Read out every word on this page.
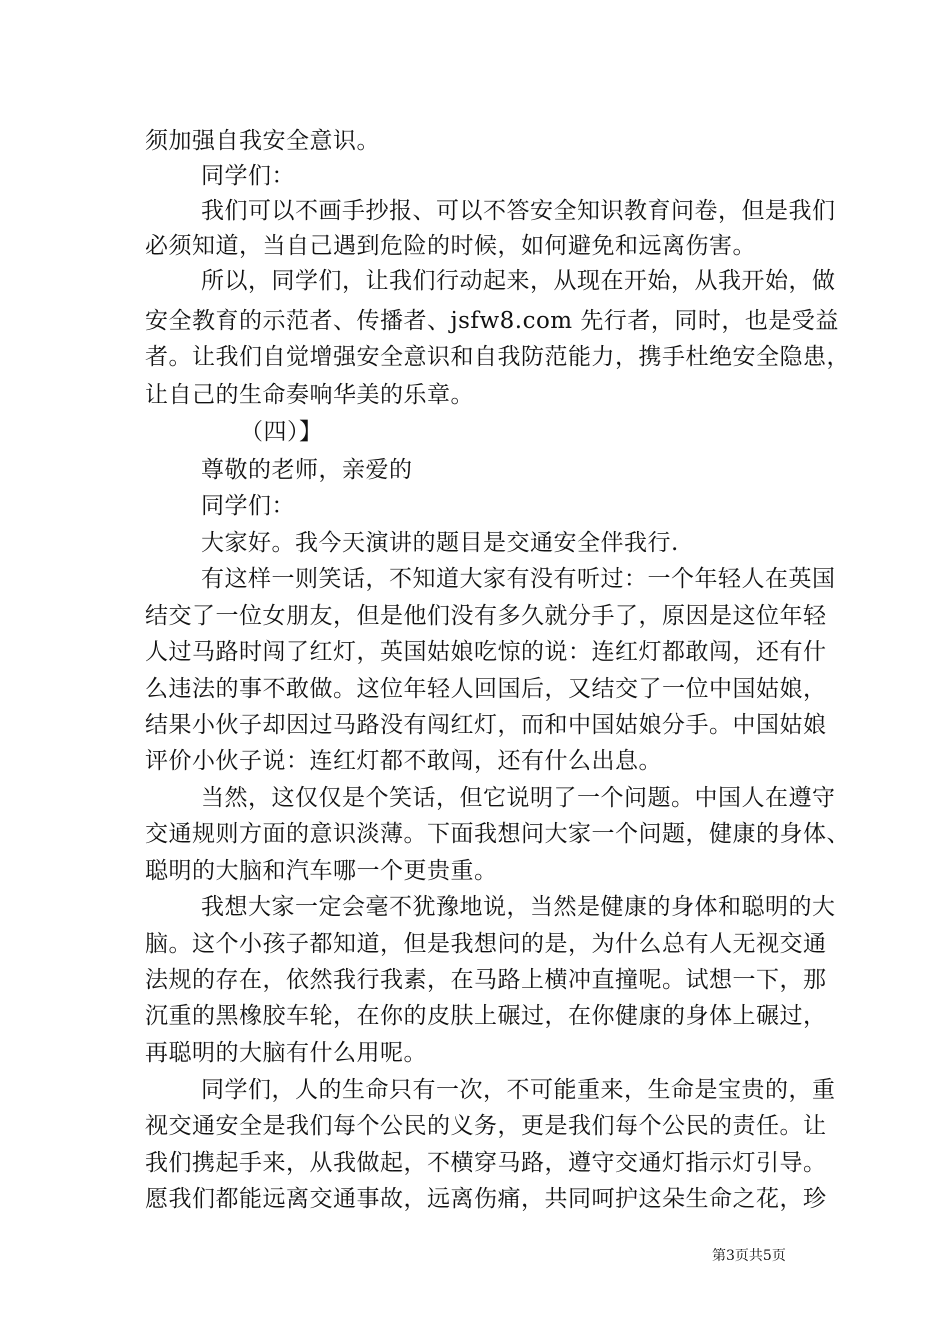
须加强自我安全意识。
同学们：
我们可以不画手抄报、可以不答安全知识教育问卷，但是我们
必须知道，当自己遇到危险的时候，如何避免和远离伤害。
所以，同学们，让我们行动起来，从现在开始，从我开始，做
安全教育的示范者、传播者、jsfw8.com 先行者，同时，也是受益
者。让我们自觉增强安全意识和自我防范能力，携手杜绝安全隐患，
让自己的生命奏响华美的乐章。
（四）】
尊敬的老师，亲爱的
同学们：
大家好。我今天演讲的题目是交通安全伴我行.
有这样一则笑话，不知道大家有没有听过：一个年轻人在英国
结交了一位女朋友，但是他们没有多久就分手了，原因是这位年轻
人过马路时闯了红灯，英国姑娘吃惊的说：连红灯都敢闯，还有什
么违法的事不敢做。这位年轻人回国后，又结交了一位中国姑娘，
结果小伙子却因过马路没有闯红灯，而和中国姑娘分手。中国姑娘
评价小伙子说：连红灯都不敢闯，还有什么出息。
当然，这仅仅是个笑话，但它说明了一个问题。中国人在遵守
交通规则方面的意识淡薄。下面我想问大家一个问题，健康的身体、
聪明的大脑和汽车哪一个更贵重。
我想大家一定会毫不犹豫地说，当然是健康的身体和聪明的大
脑。这个小孩子都知道，但是我想问的是，为什么总有人无视交通
法规的存在，依然我行我素，在马路上横冲直撞呢。试想一下，那
沉重的黑橡胶车轮，在你的皮肤上碾过，在你健康的身体上碾过，
再聪明的大脑有什么用呢。
同学们，人的生命只有一次，不可能重来，生命是宝贵的，重
视交通安全是我们每个公民的义务，更是我们每个公民的责任。让
我们携起手来，从我做起，不横穿马路，遵守交通灯指示灯引导。
愿我们都能远离交通事故，远离伤痛，共同呵护这朵生命之花，珍
第3页共5页
